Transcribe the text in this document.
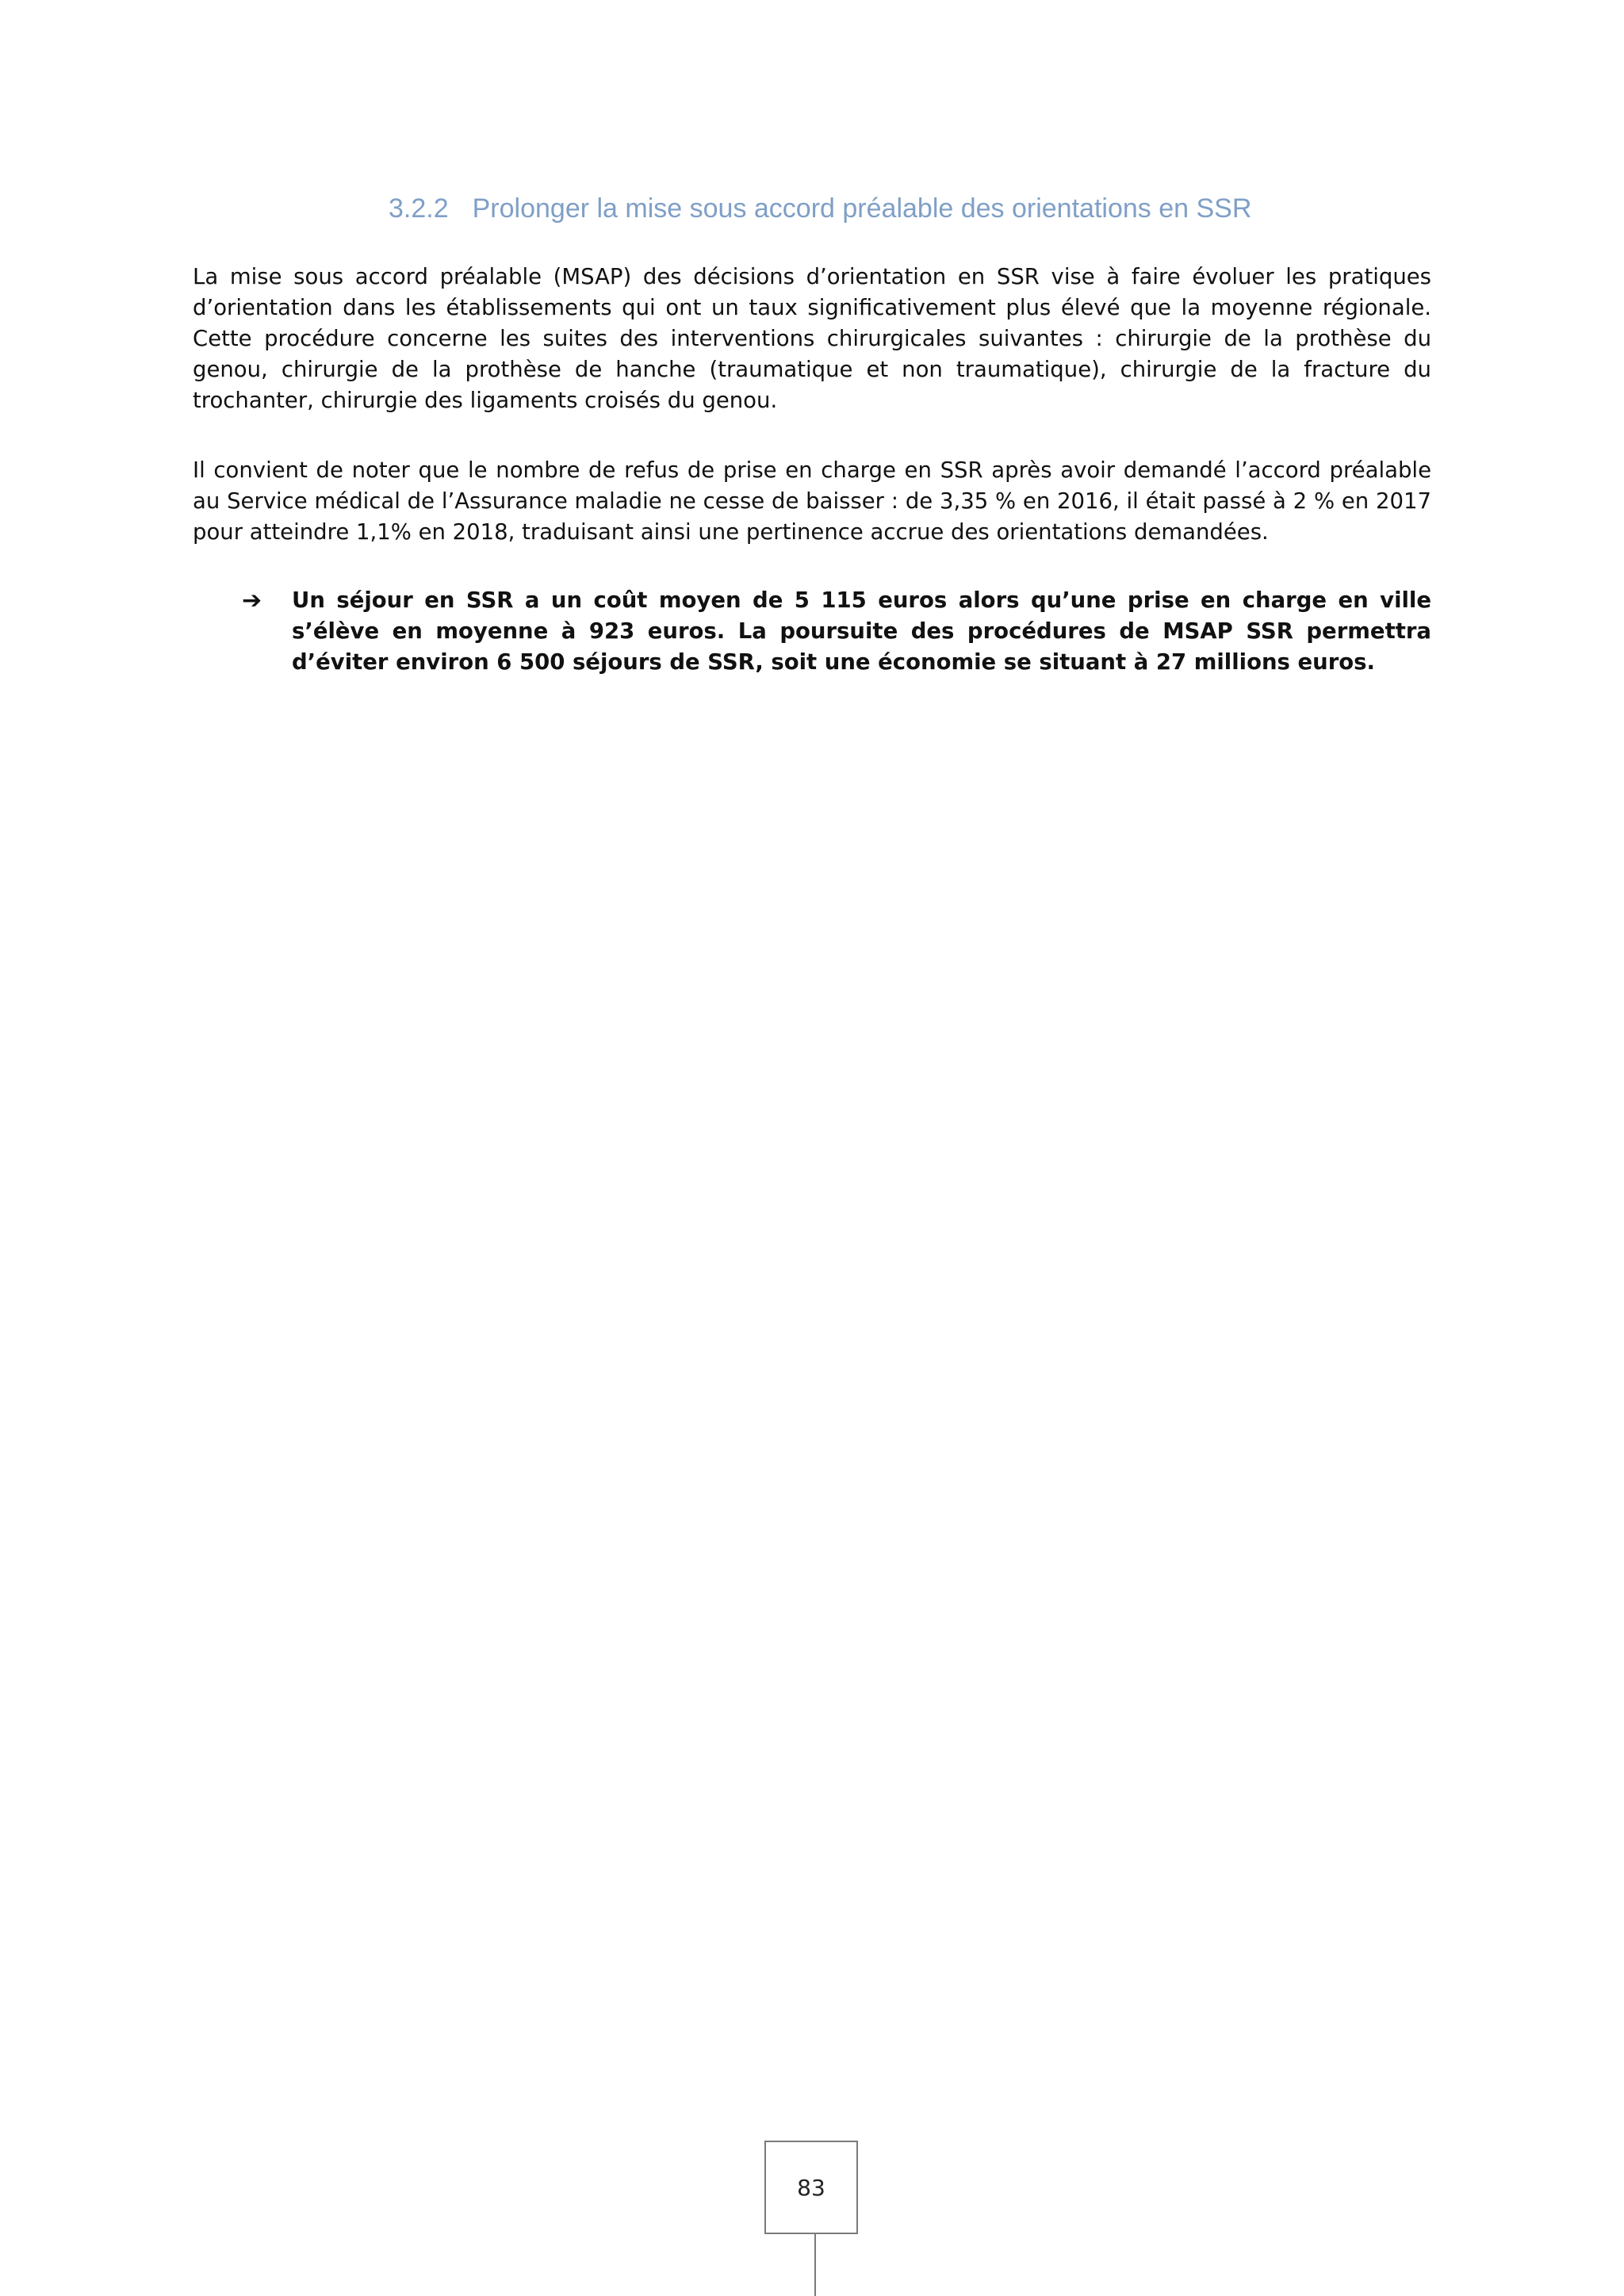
3.2.2 Prolonger la mise sous accord préalable des orientations en SSR

La mise sous accord préalable (MSAP) des décisions d’orientation en SSR vise à faire évoluer les pratiques d’orientation dans les établissements qui ont un taux significativement plus élevé que la moyenne régionale. Cette procédure concerne les suites des interventions chirurgicales suivantes : chirurgie de la prothèse du genou, chirurgie de la prothèse de hanche (traumatique et non traumatique), chirurgie de la fracture du trochanter, chirurgie des ligaments croisés du genou.

Il convient de noter que le nombre de refus de prise en charge en SSR après avoir demandé l’accord préalable au Service médical de l’Assurance maladie ne cesse de baisser : de 3,35 % en 2016, il était passé à 2 % en 2017 pour atteindre 1,1% en 2018, traduisant ainsi une pertinence accrue des orientations demandées.

➔ Un séjour en SSR a un coût moyen de 5 115 euros alors qu’une prise en charge en ville s’élève en moyenne à 923 euros. La poursuite des procédures de MSAP SSR permettra d’éviter environ 6 500 séjours de SSR, soit une économie se situant à 27 millions euros.

83
